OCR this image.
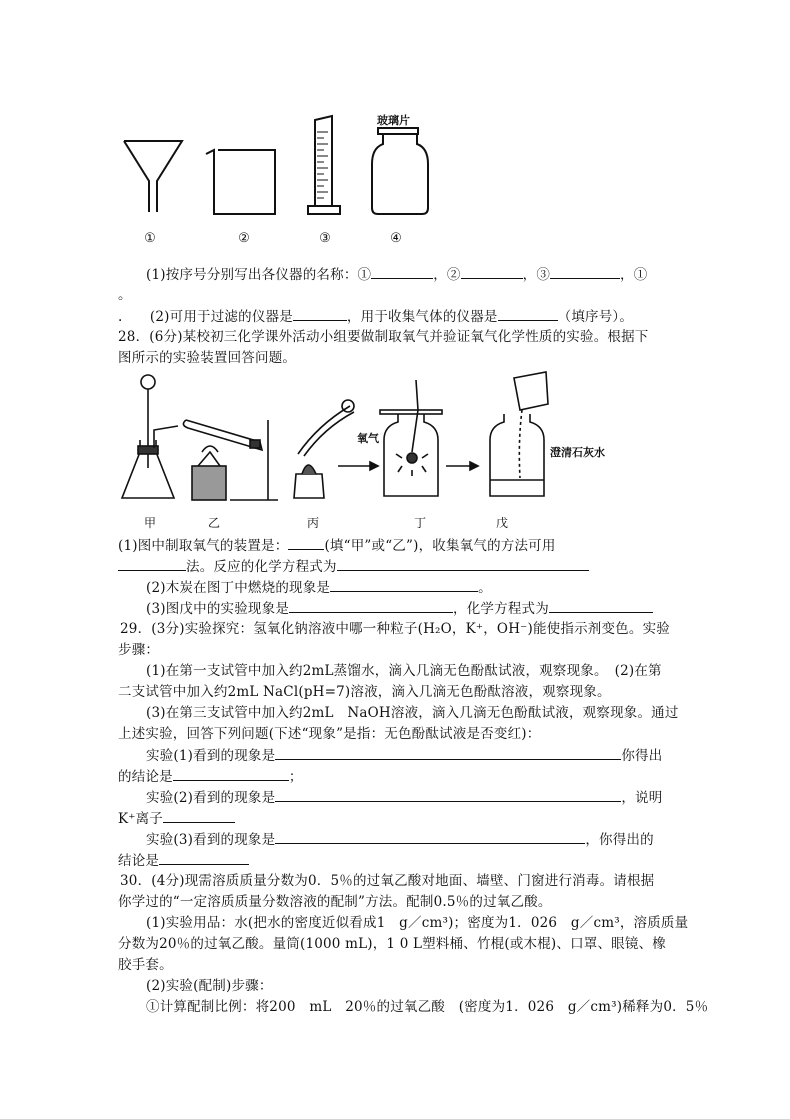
玻璃片
①	②	③	④
(1)按序号分别写出各仪器的名称：①	，②	，③	，①
。
.　　(2)可用于过滤的仪器是	，用于收集气体的仪器是	（填序号）。
28．(6分)某校初三化学课外活动小组要做制取氧气并验证氧气化学性质的实验。根据下
图所示的实验装置回答问题。
氧气
澄清石灰水
甲	乙	丙	丁	戊
(1)图中制取氧气的装置是：	(填“甲”或“乙”)，收集氧气的方法可用
法。反应的化学方程式为
(2)木炭在图丁中燃烧的现象是	。
(3)图戊中的实验现象是	，化学方程式为
29．(3分)实验探究：氢氧化钠溶液中哪一种粒子(H₂O，K⁺，OH⁻)能使指示剂变色。实验
步骤：
(1)在第一支试管中加入约2mL蒸馏水，滴入几滴无色酚酞试液，观察现象。　(2)在第
二支试管中加入约2mL NaCl(pH=7)溶液，滴入几滴无色酚酞溶液，观察现象。
(3)在第三支试管中加入约2mL　NaOH溶液，滴入几滴无色酚酞试液，观察现象。通过
上述实验，回答下列问题(下述“现象”是指：无色酚酞试液是否变红)：
实验(1)看到的现象是	你得出
的结论是	；
实验(2)看到的现象是	，说明
K⁺离子
实验(3)看到的现象是	，你得出的
结论是
30．(4分)现需溶质质量分数为0．5％的过氧乙酸对地面、墙壁、门窗进行消毒。请根据
你学过的“一定溶质质量分数溶液的配制”方法。配制0.5％的过氧乙酸。
(1)实验用品：水(把水的密度近似看成1　g／cm³)；密度为1．026　g／cm³，溶质质量
分数为20％的过氧乙酸。量筒(1000 mL)，1 0 L塑料桶、竹棍(或木棍)、口罩、眼镜、橡
胶手套。
(2)实验(配制)步骤：
①计算配制比例：将200　mL　20％的过氧乙酸　(密度为1．026　g／cm³)稀释为0．5％
